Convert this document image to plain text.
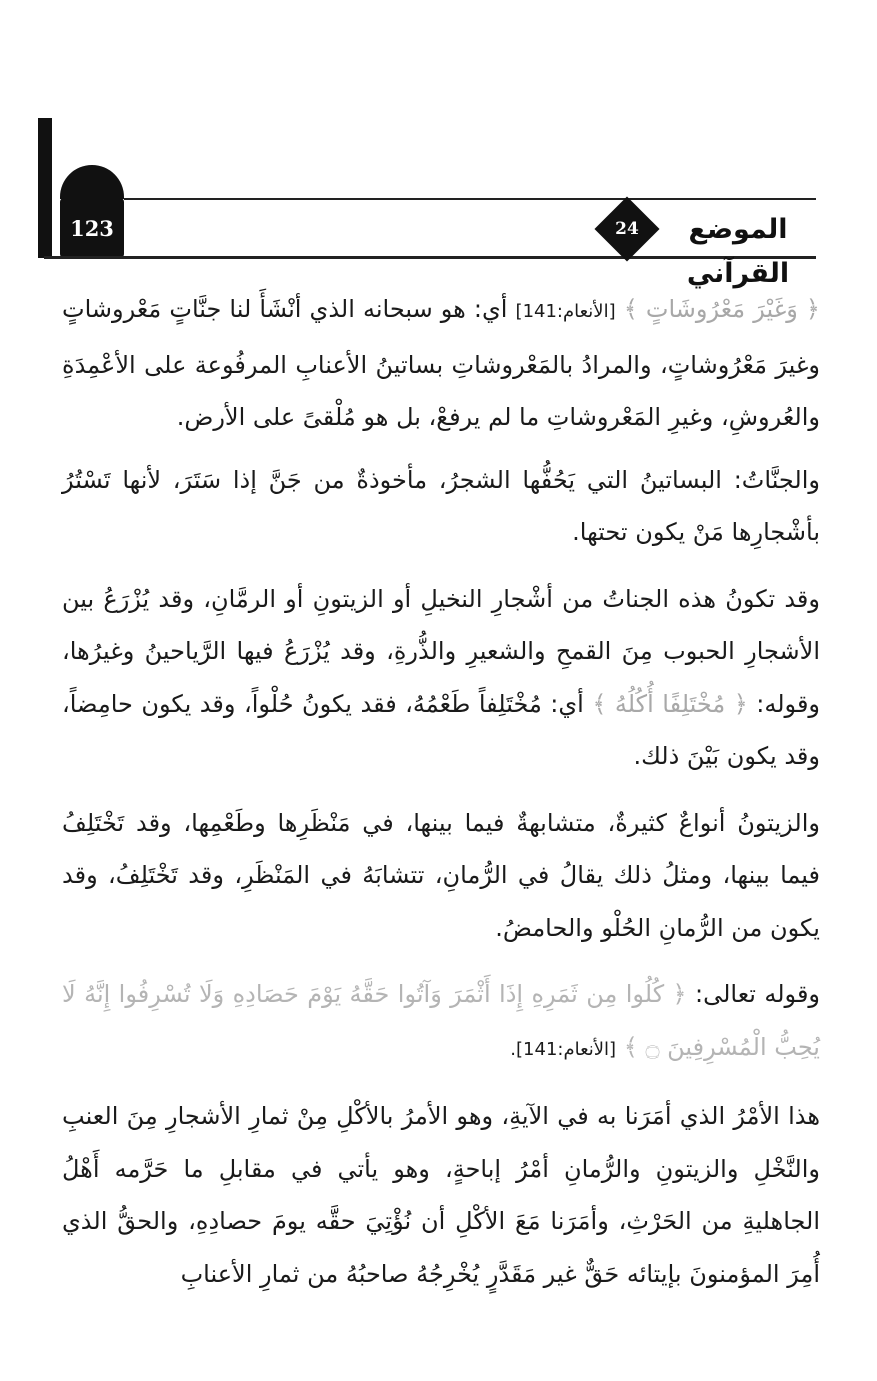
123	24	الموضع القرآني

﴿ وَغَيْرَ مَعْرُوشَاتٍ ﴾ [الأنعام:141] أي: هو سبحانه الذي أنْشَأَ لنا جنَّاتٍ مَعْروشاتٍ وغيرَ مَعْرُوشاتٍ، والمرادُ بالمَعْروشاتِ بساتينُ الأعنابِ المرفُوعة على الأعْمِدَةِ والعُروشِ، وغيرِ المَعْروشاتِ ما لم يرفعْ، بل هو مُلْقىً على الأرض.

والجنَّاتُ: البساتينُ التي يَحُفُّها الشجرُ، مأخوذةٌ من جَنَّ إذا سَتَرَ، لأنها تَسْتُرُ بأشْجارِها مَنْ يكون تحتها.

وقد تكونُ هذه الجناتُ من أشْجارِ النخيلِ أو الزيتونِ أو الرمَّانِ، وقد يُزْرَعُ بين الأشجارِ الحبوب مِنَ القمحِ والشعيرِ والذُّرةِ، وقد يُزْرَعُ فيها الرَّياحينُ وغيرُها، وقوله: ﴿ مُخْتَلِفًا أُكُلُهُ ﴾ أي: مُخْتَلِفاً طَعْمُهُ، فقد يكونُ حُلْواً، وقد يكون حامِضاً، وقد يكون بَيْنَ ذلك.

والزيتونُ أنواعٌ كثيرةٌ، متشابهةٌ فيما بينها، في مَنْظَرِها وطَعْمِها، وقد تَخْتَلِفُ فيما بينها، ومثلُ ذلك يقالُ في الرُّمانِ، تتشابَهُ في المَنْظَرِ، وقد تَخْتَلِفُ، وقد يكون من الرُّمانِ الحُلْو والحامضُ.

وقوله تعالى: ﴿ كُلُوا مِن ثَمَرِهِ إِذَا أَثْمَرَ وَآتُوا حَقَّهُ يَوْمَ حَصَادِهِ وَلَا تُسْرِفُوا إِنَّهُ لَا يُحِبُّ الْمُسْرِفِينَ ۝ ﴾ [الأنعام:141].

هذا الأمْرُ الذي أمَرَنا به في الآيةِ، وهو الأمرُ بالأكْلِ مِنْ ثمارِ الأشجارِ مِنَ العنبِ والنَّخْلِ والزيتونِ والرُّمانِ أمْرُ إباحةٍ، وهو يأتي في مقابلِ ما حَرَّمه أَهْلُ الجاهليةِ من الحَرْثِ، وأمَرَنا مَعَ الأكْلِ أن نُؤْتِيَ حقَّه يومَ حصادِهِ، والحقُّ الذي أُمِرَ المؤمنونَ بإيتائه حَقٌّ غير مَقَدَّرٍ يُخْرِجُهُ صاحبُهُ من ثمارِ الأعنابِ
